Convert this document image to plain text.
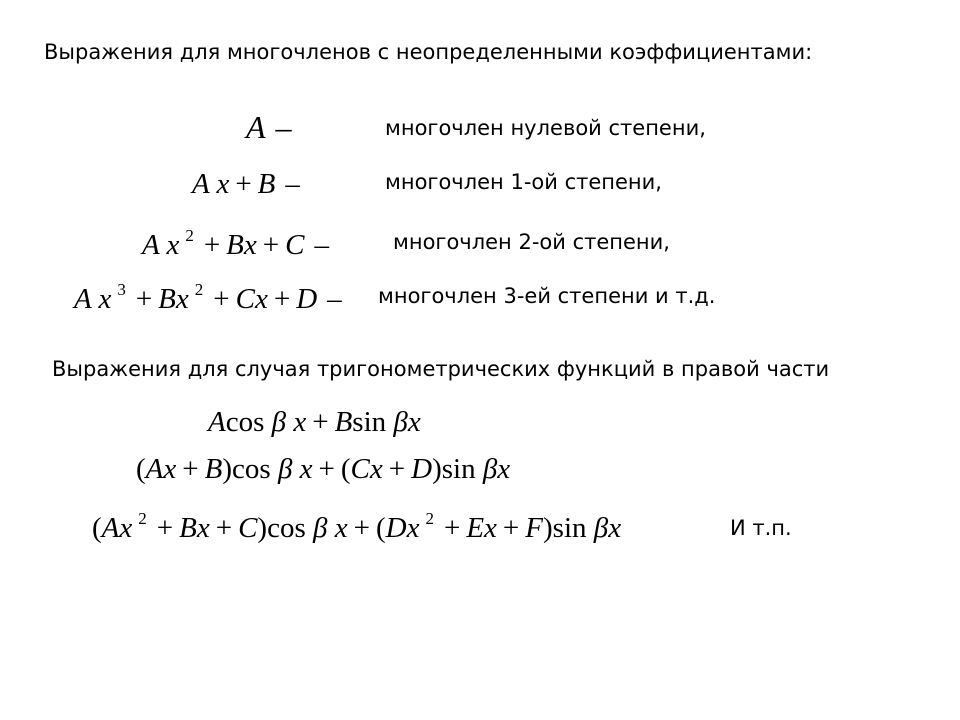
Выражения для многочленов с неопределенными коэффициентами:
A –	многочлен нулевой степени,
A x + B –	многочлен 1-ой степени,
A x $^2$ + Bx + C –	многочлен 2-ой степени,
A x $^3$ + Bx $^2$ + Cx + D – многочлен 3-ей степени и т.д.
Выражения для случая тригонометрических функций в правой части
Acos β x + Bsin βx
(Ax + B)cos β x + (Cx + D)sin βx
(Ax $^2$ + Bx + C)cos β x + (Dx $^2$ + Ex + F)sin βx	И т.п.
